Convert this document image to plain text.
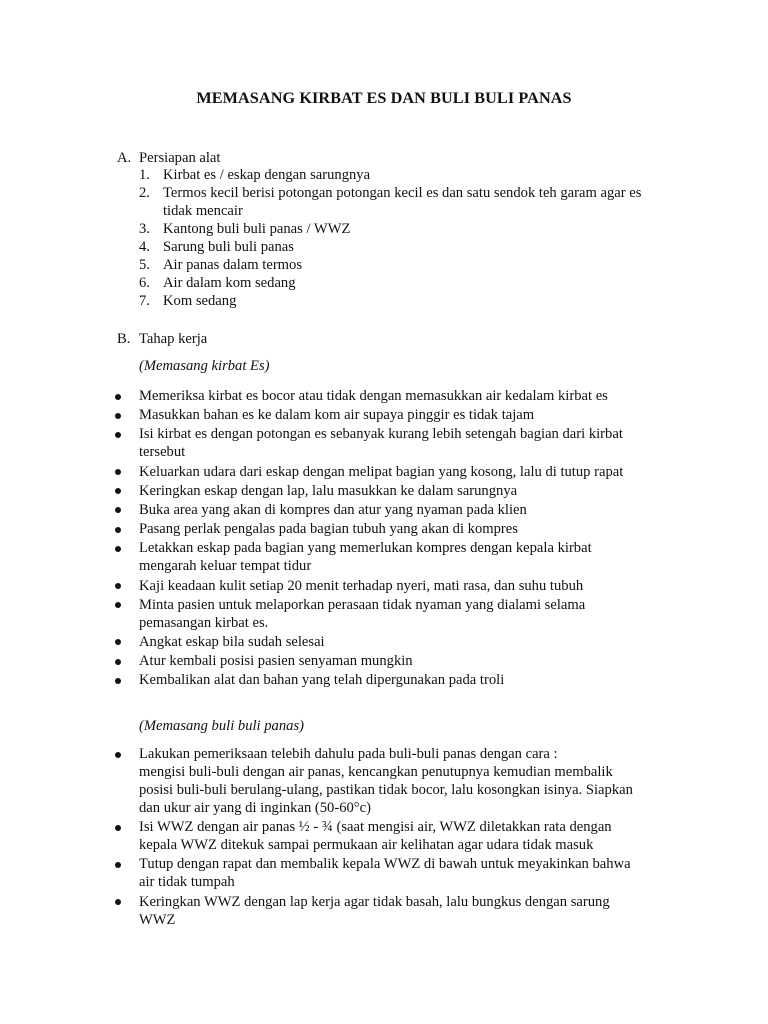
MEMASANG KIRBAT ES DAN BULI BULI PANAS
A. Persiapan alat
1. Kirbat es / eskap dengan sarungnya
2. Termos kecil berisi potongan potongan kecil es dan satu sendok teh garam agar es
tidak mencair
3. Kantong buli buli panas / WWZ
4. Sarung buli buli panas
5. Air panas dalam termos
6. Air dalam kom sedang
7. Kom sedang
B. Tahap kerja
(Memasang kirbat Es)
Memeriksa kirbat es bocor atau tidak dengan memasukkan air kedalam kirbat es
Masukkan bahan es ke dalam kom air supaya pinggir es tidak tajam
Isi kirbat es dengan potongan es sebanyak kurang lebih setengah bagian dari kirbat
tersebut
Keluarkan udara dari eskap dengan melipat bagian yang kosong, lalu di tutup rapat
Keringkan eskap dengan lap, lalu masukkan ke dalam sarungnya
Buka area yang akan di kompres dan atur yang nyaman pada klien
Pasang perlak pengalas pada bagian tubuh yang akan di kompres
Letakkan eskap pada bagian yang memerlukan kompres dengan kepala kirbat
mengarah keluar tempat tidur
Kaji keadaan kulit setiap 20 menit terhadap nyeri, mati rasa, dan suhu tubuh
Minta pasien untuk melaporkan perasaan tidak nyaman yang dialami selama
pemasangan kirbat es.
Angkat eskap bila sudah selesai
Atur kembali posisi pasien senyaman mungkin
Kembalikan alat dan bahan yang telah dipergunakan pada troli
(Memasang buli buli panas)
Lakukan pemeriksaan telebih dahulu pada buli-buli panas dengan cara :
mengisi buli-buli dengan air panas, kencangkan penutupnya kemudian membalik
posisi buli-buli berulang-ulang, pastikan tidak bocor, lalu kosongkan isinya. Siapkan
dan ukur air yang di inginkan (50-60°c)
Isi WWZ dengan air panas ½ - ¾ (saat mengisi air, WWZ diletakkan rata dengan
kepala WWZ ditekuk sampai permukaan air kelihatan agar udara tidak masuk
Tutup dengan rapat dan membalik kepala WWZ di bawah untuk meyakinkan bahwa
air tidak tumpah
Keringkan WWZ dengan lap kerja agar tidak basah, lalu bungkus dengan sarung
WWZ
